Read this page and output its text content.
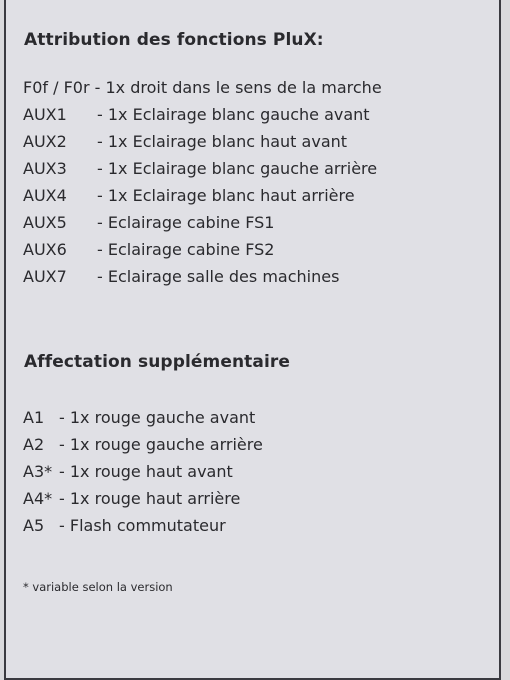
Attribution des fonctions PluX:
F0f / F0r - 1x droit dans le sens de la marche
AUX1 - 1x Eclairage blanc gauche avant
AUX2 - 1x Eclairage blanc haut avant
AUX3 - 1x Eclairage blanc gauche arrière
AUX4 - 1x Eclairage blanc haut arrière
AUX5 - Eclairage cabine FS1
AUX6 - Eclairage cabine FS2
AUX7 - Eclairage salle des machines
Affectation supplémentaire
A1 - 1x rouge gauche avant
A2 - 1x rouge gauche arrière
A3* - 1x rouge haut avant
A4* - 1x rouge haut arrière
A5 - Flash commutateur
* variable selon la version
